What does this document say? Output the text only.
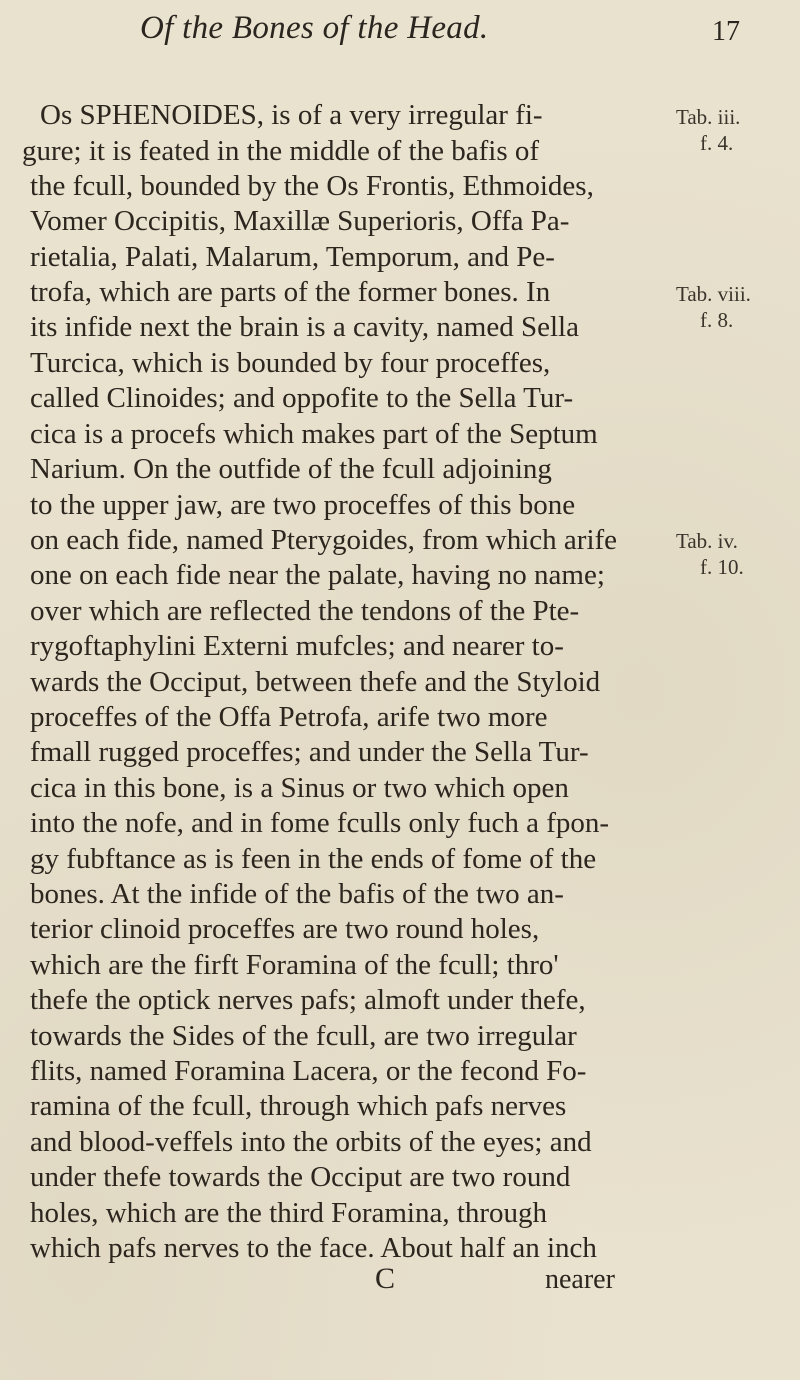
Of the Bones of the Head.	17
Os SPHENOIDES, is of a very irregular fi-
gure; it is feated in the middle of the bafis of
the fcull, bounded by the Os Frontis, Ethmoides,
Vomer Occipitis, Maxillæ Superioris, Offa Pa-
rietalia, Palati, Malarum, Temporum, and Pe-
trofa, which are parts of the former bones. In
its infide next the brain is a cavity, named Sella
Turcica, which is bounded by four proceffes,
called Clinoides; and oppofite to the Sella Tur-
cica is a procefs which makes part of the Septum
Narium. On the outfide of the fcull adjoining
to the upper jaw, are two proceffes of this bone
on each fide, named Pterygoides, from which arife
one on each fide near the palate, having no name;
over which are reflected the tendons of the Pte-
rygoftaphylini Externi mufcles; and nearer to-
wards the Occiput, between thefe and the Styloid
proceffes of the Offa Petrofa, arife two more
fmall rugged proceffes; and under the Sella Tur-
cica in this bone, is a Sinus or two which open
into the nofe, and in fome fculls only fuch a fpon-
gy fubftance as is feen in the ends of fome of the
bones. At the infide of the bafis of the two an-
terior clinoid proceffes are two round holes,
which are the firft Foramina of the fcull; thro'
thefe the optick nerves pafs; almoft under thefe,
towards the Sides of the fcull, are two irregular
flits, named Foramina Lacera, or the fecond Fo-
ramina of the fcull, through which pafs nerves
and blood-veffels into the orbits of the eyes; and
under thefe towards the Occiput are two round
holes, which are the third Foramina, through
which pafs nerves to the face. About half an inch
Tab. iii.
f. 4.
Tab. viii.
f. 8.
Tab. iv.
f. 10.
C	nearer
